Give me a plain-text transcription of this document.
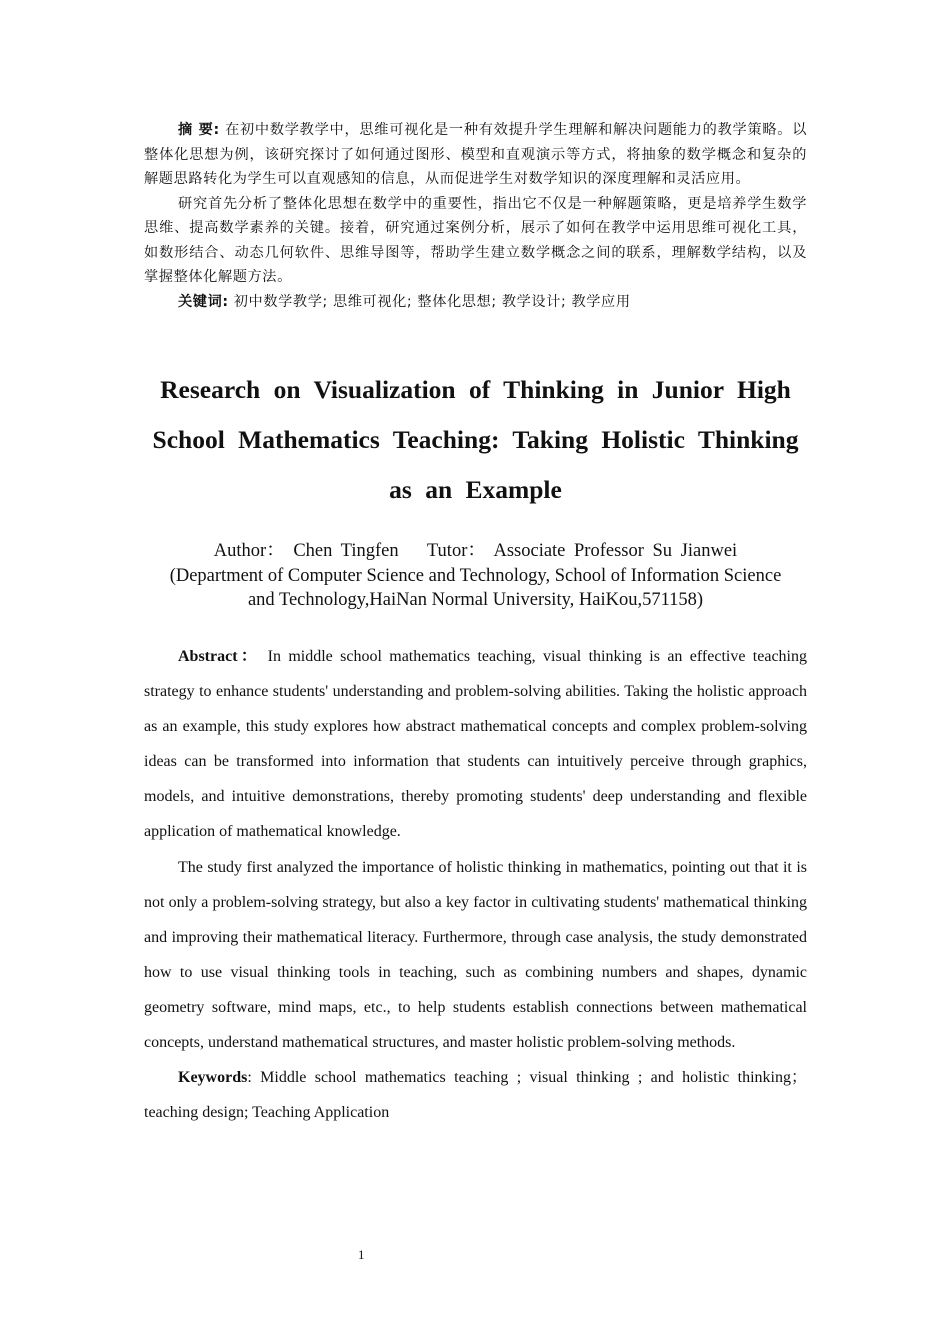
摘 要: 在初中数学教学中，思维可视化是一种有效提升学生理解和解决问题能力的教学策略。以整体化思想为例，该研究探讨了如何通过图形、模型和直观演示等方式，将抽象的数学概念和复杂的解题思路转化为学生可以直观感知的信息，从而促进学生对数学知识的深度理解和灵活应用。

研究首先分析了整体化思想在数学中的重要性，指出它不仅是一种解题策略，更是培养学生数学思维、提高数学素养的关键。接着，研究通过案例分析，展示了如何在教学中运用思维可视化工具，如数形结合、动态几何软件、思维导图等，帮助学生建立数学概念之间的联系，理解数学结构，以及掌握整体化解题方法。

关键词: 初中数学教学; 思维可视化; 整体化思想; 教学设计; 教学应用

Research on Visualization of Thinking in Junior High
School Mathematics Teaching: Taking Holistic Thinking
as an Example
Author： Chen Tingfen Tutor： Associate Professor Su Jianwei
(Department of Computer Science and Technology, School of Information Science
and Technology,HaiNan Normal University, HaiKou,571158)

Abstract： In middle school mathematics teaching, visual thinking is an effective teaching strategy to enhance students' understanding and problem-solving abilities. Taking the holistic approach as an example, this study explores how abstract mathematical concepts and complex problem-solving ideas can be transformed into information that students can intuitively perceive through graphics, models, and intuitive demonstrations, thereby promoting students' deep understanding and flexible application of mathematical knowledge.

The study first analyzed the importance of holistic thinking in mathematics, pointing out that it is not only a problem-solving strategy, but also a key factor in cultivating students' mathematical thinking and improving their mathematical literacy. Furthermore, through case analysis, the study demonstrated how to use visual thinking tools in teaching, such as combining numbers and shapes, dynamic geometry software, mind maps, etc., to help students establish connections between mathematical concepts, understand mathematical structures, and master holistic problem-solving methods.

Keywords: Middle school mathematics teaching ; visual thinking ; and holistic thinking；teaching design; Teaching Application

1
